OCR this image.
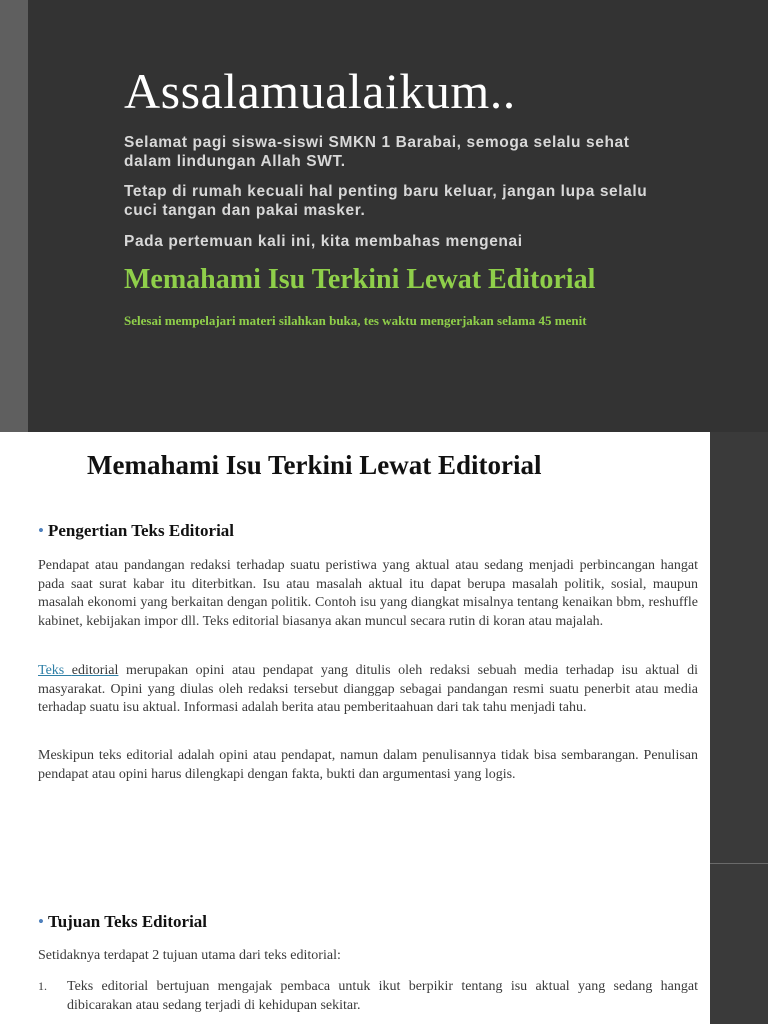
Assalamualaikum..

Selamat pagi siswa-siswi SMKN 1 Barabai, semoga selalu sehat dalam lindungan Allah SWT.

Tetap di rumah kecuali hal penting baru keluar, jangan lupa selalu cuci tangan dan pakai masker.

Pada pertemuan kali ini, kita membahas mengenai

Memahami Isu Terkini Lewat Editorial

Selesai mempelajari materi silahkan buka, tes waktu mengerjakan selama 45 menit

Memahami Isu Terkini Lewat Editorial
• Pengertian Teks Editorial

Pendapat atau pandangan redaksi terhadap suatu peristiwa yang aktual atau sedang menjadi perbincangan hangat pada saat surat kabar itu diterbitkan. Isu atau masalah aktual itu dapat berupa masalah politik, sosial, maupun masalah ekonomi yang berkaitan dengan politik. Contoh isu yang diangkat misalnya tentang kenaikan bbm, reshuffle kabinet, kebijakan impor dll. Teks editorial biasanya akan muncul secara rutin di koran atau majalah.

Teks editorial merupakan opini atau pendapat yang ditulis oleh redaksi sebuah media terhadap isu aktual di masyarakat. Opini yang diulas oleh redaksi tersebut dianggap sebagai pandangan resmi suatu penerbit atau media terhadap suatu isu aktual. Informasi adalah berita atau pemberitaahuan dari tak tahu menjadi tahu.

Meskipun teks editorial adalah opini atau pendapat, namun dalam penulisannya tidak bisa sembarangan. Penulisan pendapat atau opini harus dilengkapi dengan fakta, bukti dan argumentasi yang logis.

• Tujuan Teks Editorial

Setidaknya terdapat 2 tujuan utama dari teks editorial:

1. Teks editorial bertujuan mengajak pembaca untuk ikut berpikir tentang isu aktual yang sedang hangat dibicarakan atau sedang terjadi di kehidupan sekitar.
